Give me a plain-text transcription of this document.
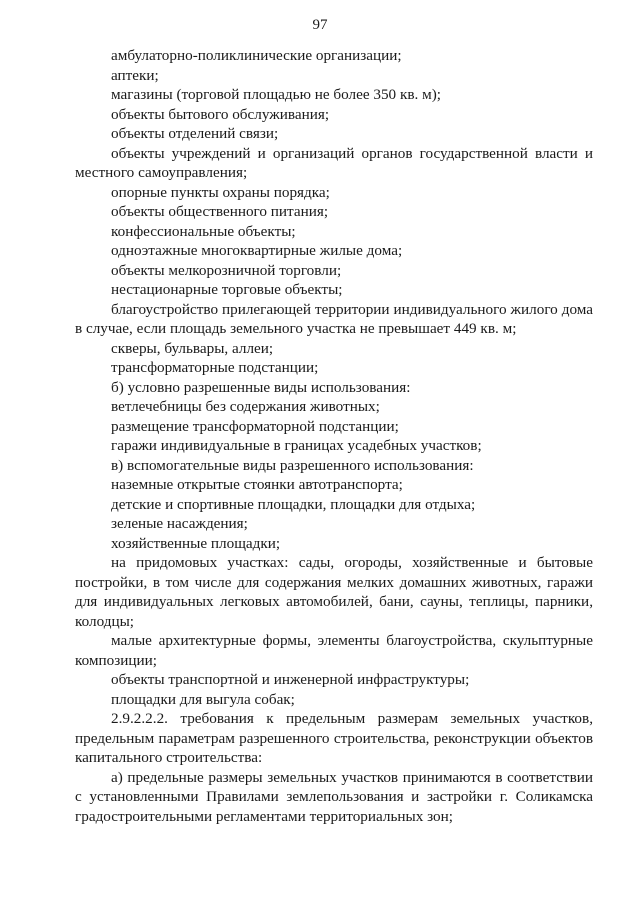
97

амбулаторно-поликлинические организации;

аптеки;

магазины (торговой площадью не более 350 кв. м);

объекты бытового обслуживания;

объекты отделений связи;

объекты учреждений и организаций органов государственной власти и местного самоуправления;

опорные пункты охраны порядка;

объекты общественного питания;

конфессиональные объекты;

одноэтажные многоквартирные жилые дома;

объекты мелкорозничной торговли;

нестационарные торговые объекты;

благоустройство прилегающей территории индивидуального жилого дома в случае, если площадь земельного участка не превышает 449 кв. м;

скверы, бульвары, аллеи;

трансформаторные подстанции;

б) условно разрешенные виды использования:

ветлечебницы без содержания животных;

размещение трансформаторной подстанции;

гаражи индивидуальные в границах усадебных участков;

в) вспомогательные виды разрешенного использования:

наземные открытые стоянки автотранспорта;

детские и спортивные площадки, площадки для отдыха;

зеленые насаждения;

хозяйственные площадки;

на придомовых участках: сады, огороды, хозяйственные и бытовые постройки, в том числе для содержания мелких домашних животных, гаражи для индивидуальных легковых автомобилей, бани, сауны, теплицы, парники, колодцы;

малые архитектурные формы, элементы благоустройства, скульптурные композиции;

объекты транспортной и инженерной инфраструктуры;

площадки для выгула собак;

2.9.2.2.2. требования к предельным размерам земельных участков, предельным параметрам разрешенного строительства, реконструкции объектов капитального строительства:

а) предельные размеры земельных участков принимаются в соответствии с установленными Правилами землепользования и застройки г. Соликамска градостроительными регламентами территориальных зон;
